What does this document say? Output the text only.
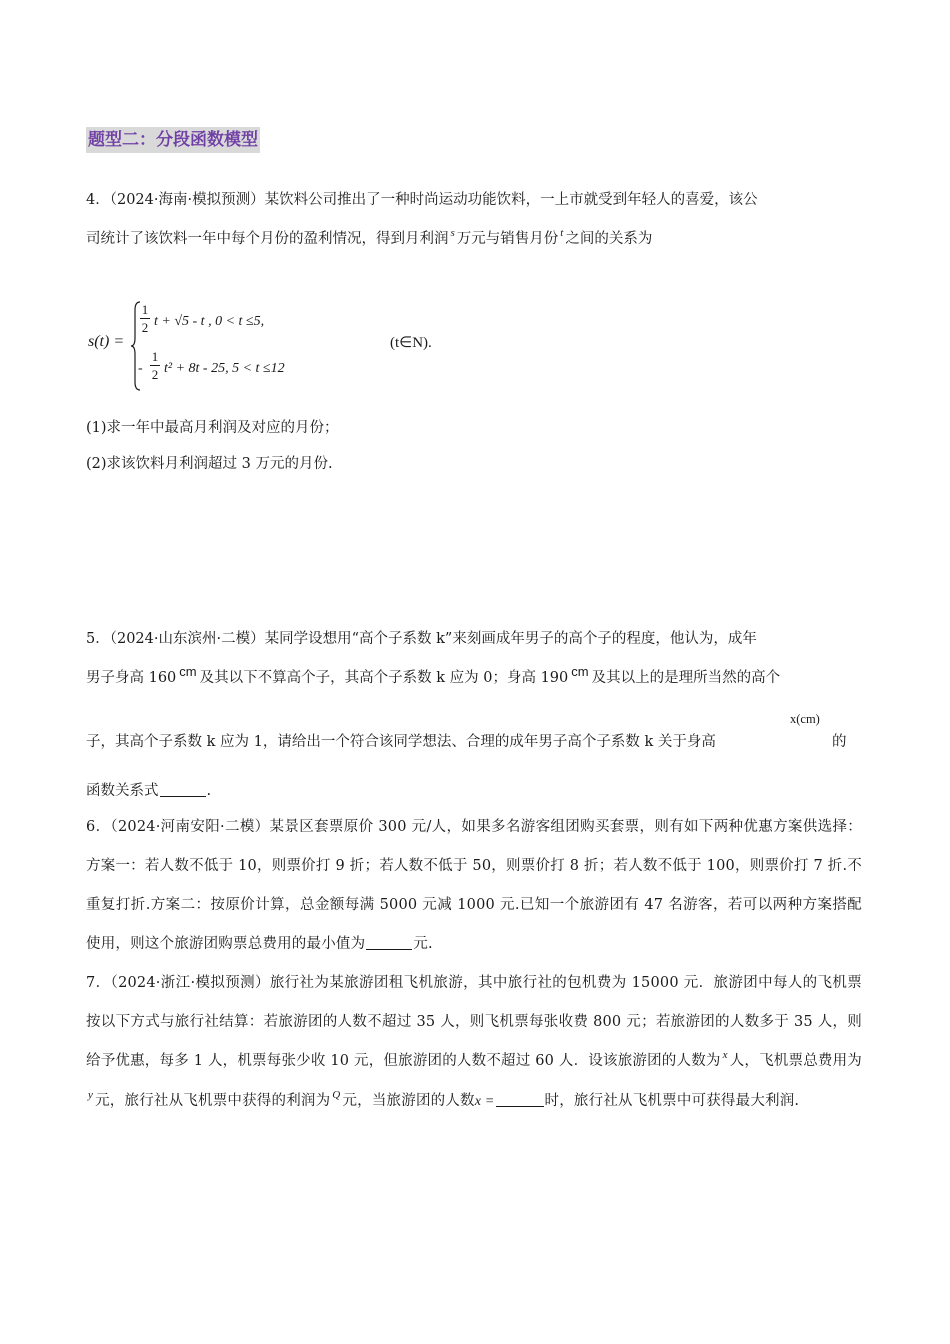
题型二：分段函数模型
4．（2024·海南·模拟预测）某饮料公司推出了一种时尚运动功能饮料，一上市就受到年轻人的喜爱，该公
司统计了该饮料一年中每个月份的盈利情况，得到月利润 $^s$ 万元与销售月份 $^t$ 之间的关系为
s(t) =
1
2 t + √5 - t , 0 < t ≤5,
-
1
2 t² + 8t - 25, 5 < t ≤12
(t∈N).
(1)求一年中最高月利润及对应的月份；
(2)求该饮料月利润超过 3 万元的月份.
5．（2024·山东滨州·二模）某同学设想用“高个子系数 k”来刻画成年男子的高个子的程度，他认为，成年
男子身高 160 cm 及其以下不算高个子，其高个子系数 k 应为 0；身高 190 cm 及其以上的是理所当然的高个
子，其高个子系数 k 应为 1，请给出一个符合该同学想法、合理的成年男子高个子系数 k 关于身高
x(cm)
的
函数关系式	.
6．（2024·河南安阳·二模）某景区套票原价 300 元/人，如果多名游客组团购买套票，则有如下两种优惠方案供选择：方案一：若人数不低于 10，则票价打 9 折；若人数不低于 50，则票价打 8 折；若人数不低于 100，则票价打 7 折.不重复打折.方案二：按原价计算，总金额每满 5000 元减 1000 元.已知一个旅游团有 47 名游客，若可以两种方案搭配使用，则这个旅游团购票总费用的最小值为	元.
7．（2024·浙江·模拟预测）旅行社为某旅游团租飞机旅游，其中旅行社的包机费为 15000 元．旅游团中每人的飞机票按以下方式与旅行社结算：若旅游团的人数不超过 35 人，则飞机票每张收费 800 元；若旅游团的人数多于 35 人，则给予优惠，每多 1 人，机票每张少收 10 元，但旅游团的人数不超过 60 人．设该旅游团的人数为 $^x$ 人，飞机票总费用为$^y$ 元，旅行社从飞机票中获得的利润为 $^Q$ 元，当旅游团的人数x =	时，旅行社从飞机票中可获得最大利润.
